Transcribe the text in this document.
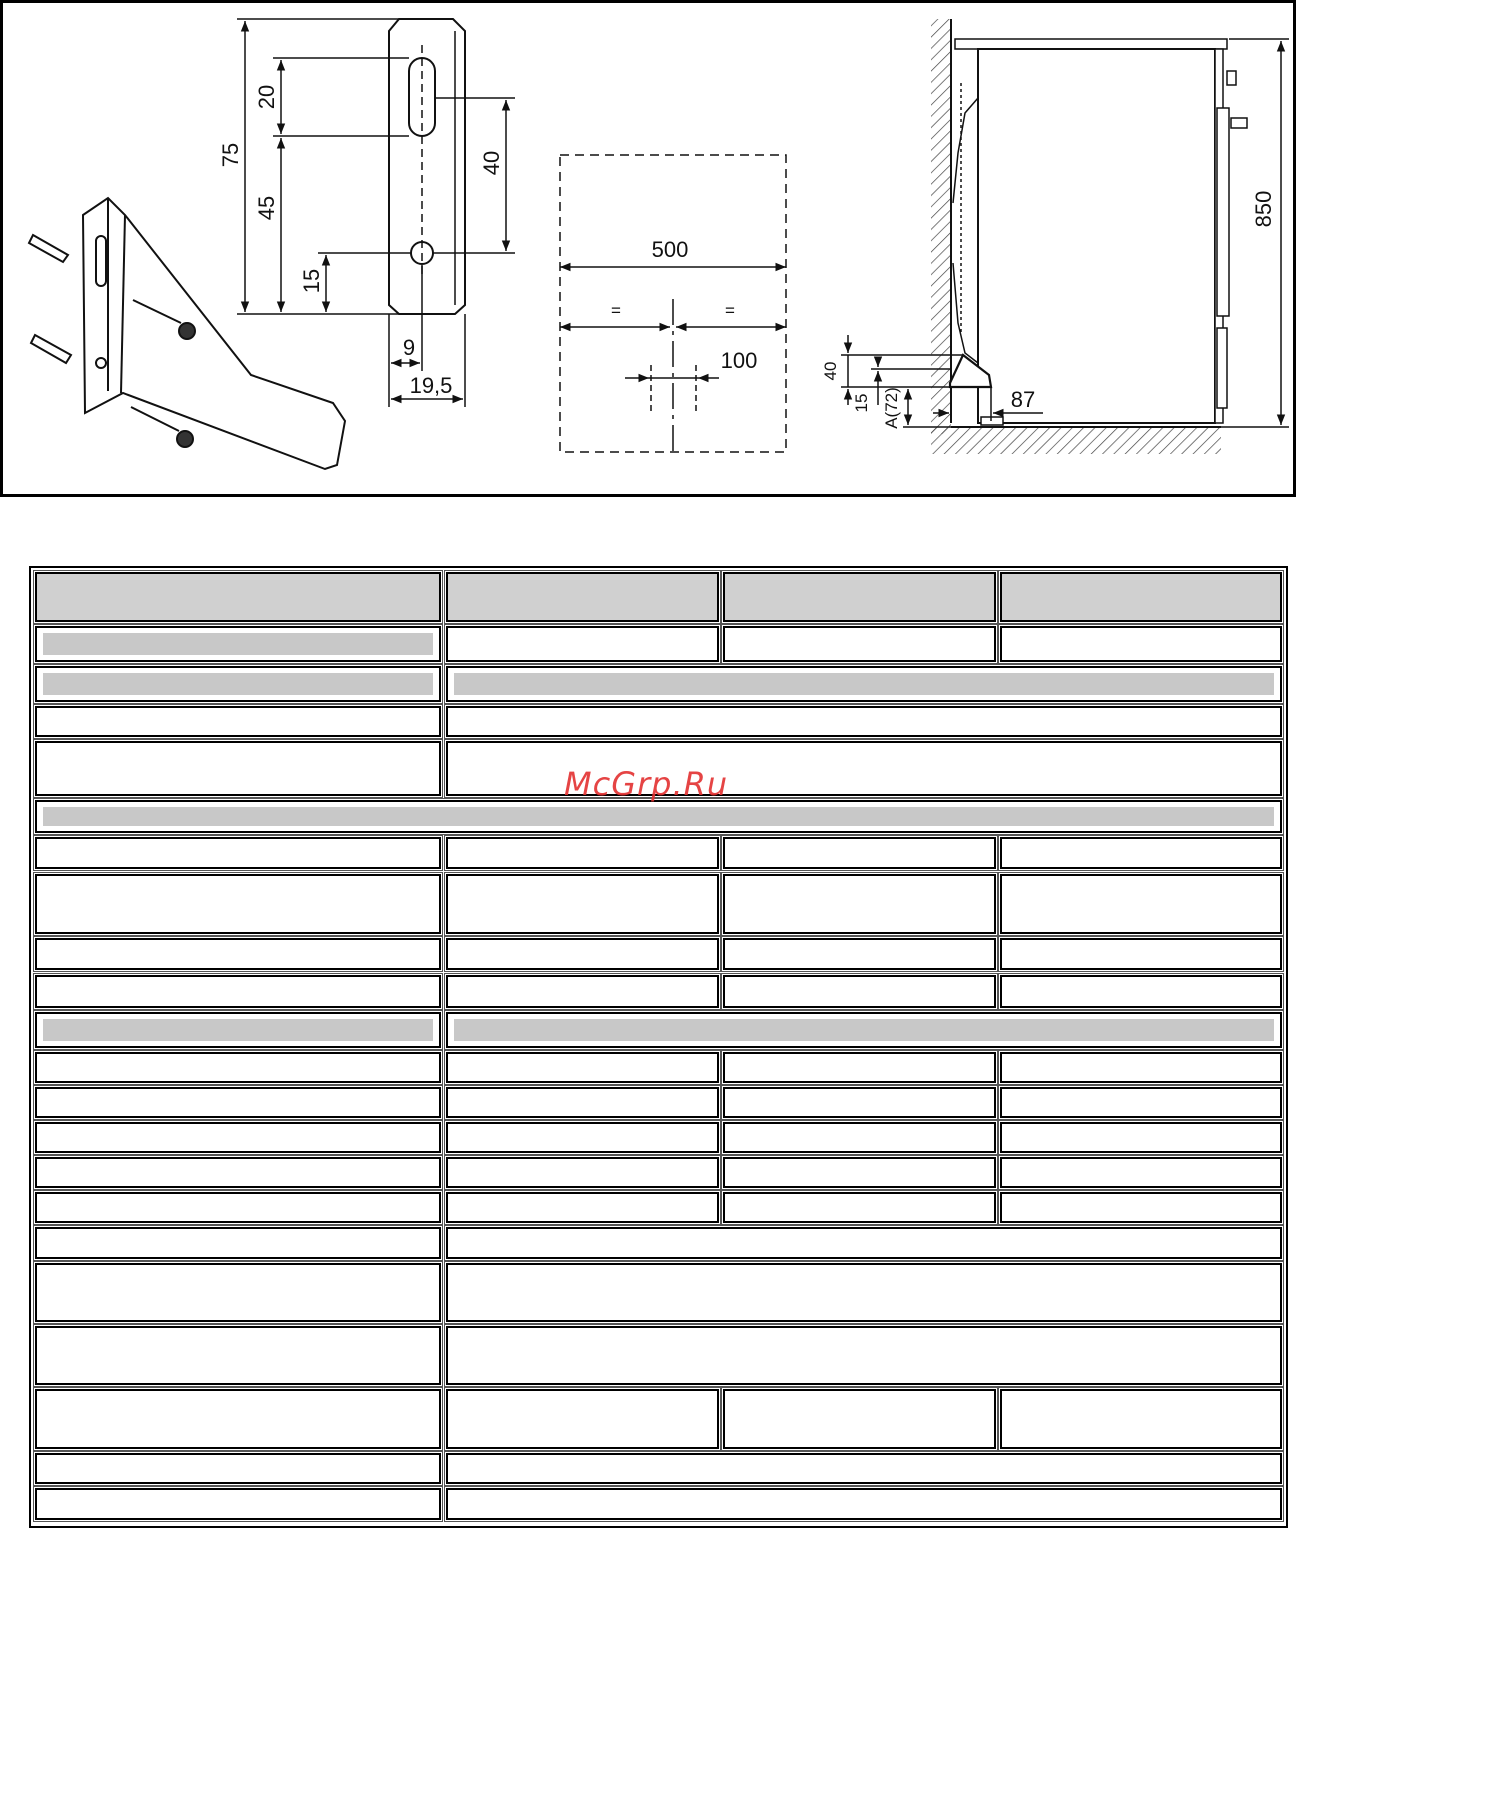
75
20
45
15
40
9
19,5
500
=	=
100
850
40
15 A(72)	87
McGrp.Ru
